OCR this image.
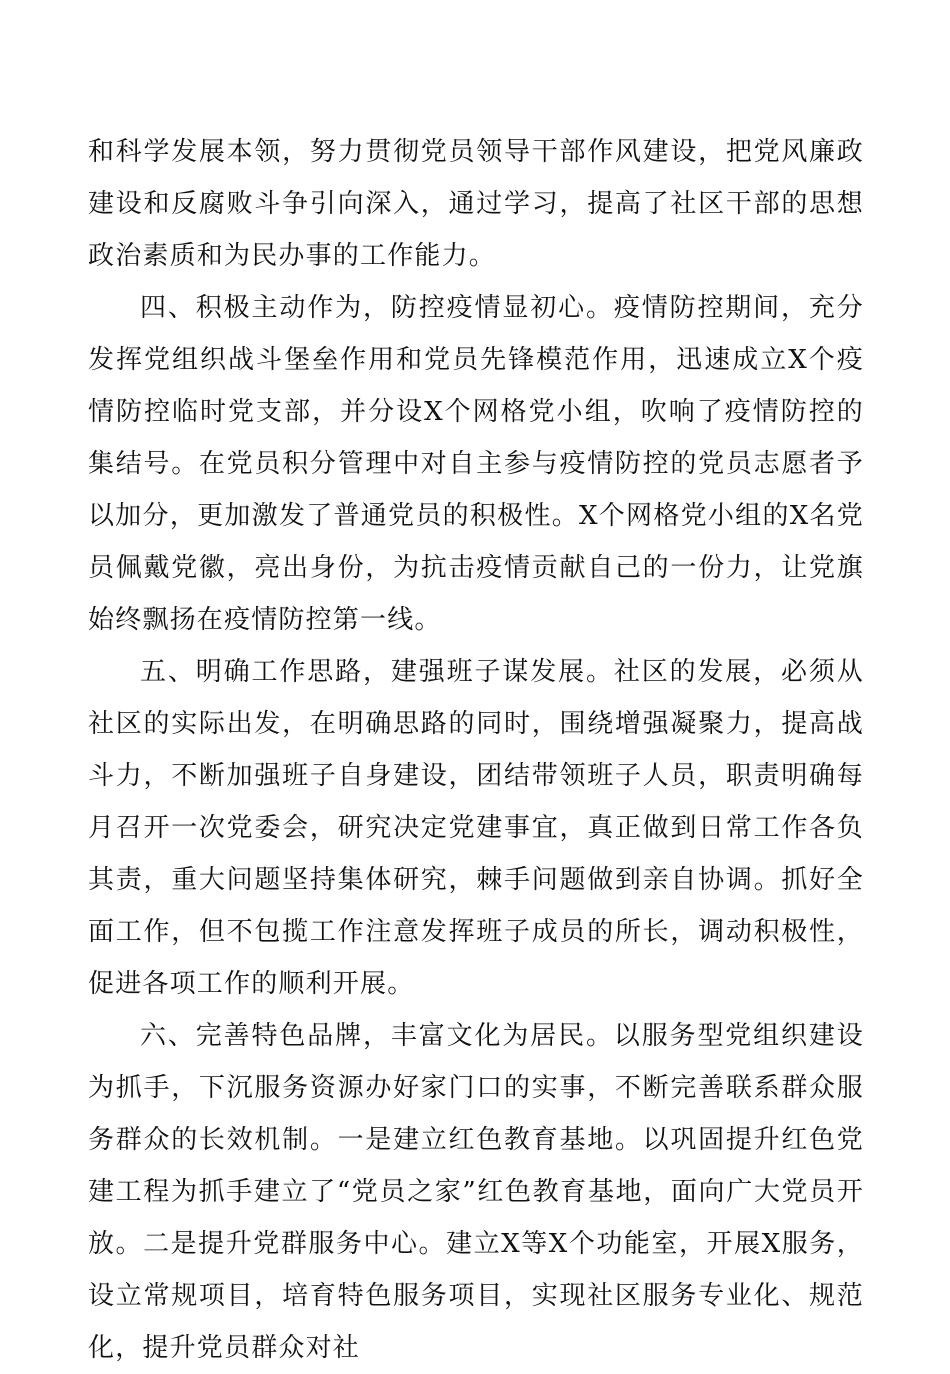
和科学发展本领，努力贯彻党员领导干部作风建设，把党风廉政建设和反腐败斗争引向深入，通过学习，提高了社区干部的思想政治素质和为民办事的工作能力。

四、积极主动作为，防控疫情显初心。疫情防控期间，充分发挥党组织战斗堡垒作用和党员先锋模范作用，迅速成立X个疫情防控临时党支部，并分设X个网格党小组，吹响了疫情防控的集结号。在党员积分管理中对自主参与疫情防控的党员志愿者予以加分，更加激发了普通党员的积极性。X个网格党小组的X名党员佩戴党徽，亮出身份，为抗击疫情贡献自己的一份力，让党旗始终飘扬在疫情防控第一线。

五、明确工作思路，建强班子谋发展。社区的发展，必须从社区的实际出发，在明确思路的同时，围绕增强凝聚力，提高战斗力，不断加强班子自身建设，团结带领班子人员，职责明确每月召开一次党委会，研究决定党建事宜，真正做到日常工作各负其责，重大问题坚持集体研究，棘手问题做到亲自协调。抓好全面工作，但不包揽工作注意发挥班子成员的所长，调动积极性，促进各项工作的顺利开展。

六、完善特色品牌，丰富文化为居民。以服务型党组织建设为抓手，下沉服务资源办好家门口的实事，不断完善联系群众服务群众的长效机制。一是建立红色教育基地。以巩固提升红色党建工程为抓手建立了“党员之家”红色教育基地，面向广大党员开放。二是提升党群服务中心。建立X等X个功能室，开展X服务，设立常规项目，培育特色服务项目，实现社区服务专业化、规范化，提升党员群众对社
